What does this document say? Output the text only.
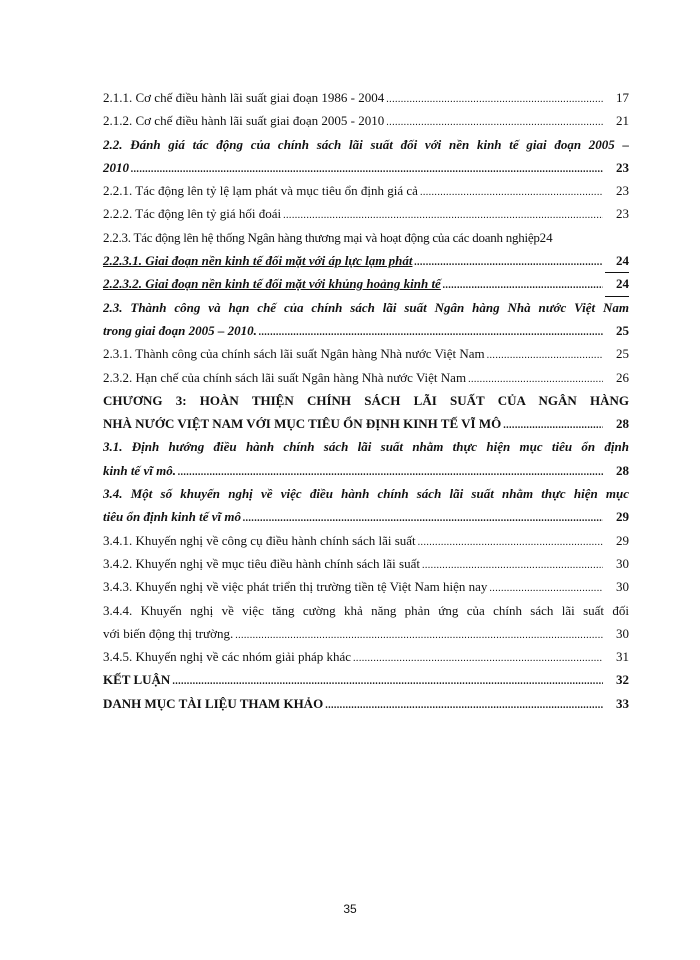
2.1.1. Cơ chế điều hành lãi suất giai đoạn 1986 - 2004 .....	17
2.1.2. Cơ chế điều hành lãi suất giai đoạn 2005 - 2010 .....	21
2.2. Đánh giá tác động của chính sách lãi suất đối với nền kinh tế giai đoạn 2005 –
2010 .....	23
2.2.1. Tác động lên tỷ lệ lạm phát và mục tiêu ổn định giá cả .....	23
2.2.2. Tác động lên tỷ giá hối đoái .....	23
2.2.3. Tác động lên hệ thống Ngân hàng thương mại và hoạt động của các doanh nghiệp 24
2.2.3.1. Giai đoạn nền kinh tế đối mặt với áp lực lạm phát .....	24
2.2.3.2. Giai đoạn nền kinh tế đối mặt với khủng hoảng kinh tế .....	24
2.3. Thành công và hạn chế của chính sách lãi suất Ngân hàng Nhà nước Việt Nam
trong giai đoạn 2005 – 2010. .....	25
2.3.1. Thành công của chính sách lãi suất Ngân hàng Nhà nước Việt Nam .....	25
2.3.2. Hạn chế của chính sách lãi suất Ngân hàng Nhà nước Việt Nam .....	26
CHƯƠNG 3: HOÀN THIỆN CHÍNH SÁCH LÃI SUẤT CỦA NGÂN HÀNG
NHÀ NƯỚC VIỆT NAM VỚI MỤC TIÊU ỔN ĐỊNH KINH TẾ VĨ MÔ .....	28
3.1. Định hướng điều hành chính sách lãi suất nhằm thực hiện mục tiêu ổn định
kinh tế vĩ mô. .....	28
3.4. Một số khuyến nghị về việc điều hành chính sách lãi suất nhằm thực hiện mục
tiêu ổn định kinh tế vĩ mô .....	29
3.4.1. Khuyến nghị về công cụ điều hành chính sách lãi suất .....	29
3.4.2. Khuyến nghị về mục tiêu điều hành chính sách lãi suất .....	30
3.4.3. Khuyến nghị về việc phát triển thị trường tiền tệ Việt Nam hiện nay .....	30
3.4.4. Khuyến nghị về việc tăng cường khả năng phản ứng của chính sách lãi suất đối
với biến động thị trường. .....	30
3.4.5. Khuyến nghị về các nhóm giải pháp khác .....	31
KẾT LUẬN .....	32
DANH MỤC TÀI LIỆU THAM KHẢO .....	33
35
